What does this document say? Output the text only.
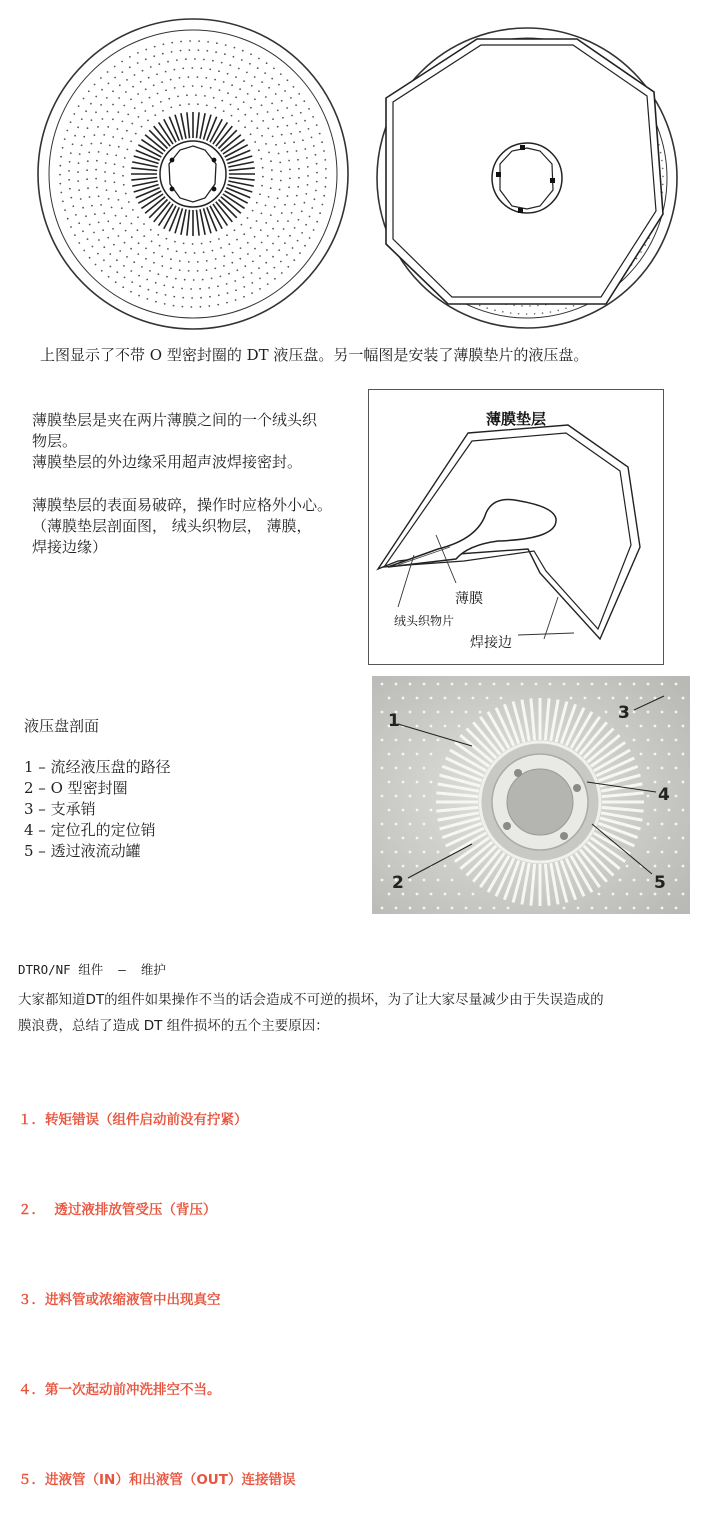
上图显示了不带 O 型密封圈的 DT 液压盘。另一幅图是安装了薄膜垫片的液压盘。
薄膜垫层是夹在两片薄膜之间的一个绒头织
物层。
薄膜垫层的外边缘采用超声波焊接密封。
薄膜垫层的表面易破碎，操作时应格外小心。
（薄膜垫层剖面图， 绒头织物层， 薄膜，
焊接边缘）
薄膜垫层
薄膜
绒头织物片
焊接边
液压盘剖面
1 – 流经液压盘的路径
2 – O 型密封圈
3 – 支承销
4 – 定位孔的定位销
5 – 透过液流动罐
1
2
3
4
5
DTRO/NF 组件  –  维护
大家都知道DT的组件如果操作不当的话会造成不可逆的损坏，为了让大家尽量减少由于失误造成的
膜浪费，总结了造成 DT 组件损坏的五个主要原因：

１．转矩错误（组件启动前没有拧紧）

２．  透过液排放管受压（背压）

３．进料管或浓缩液管中出现真空

４．第一次起动前冲洗排空不当。

５．进液管（IN）和出液管（OUT）连接错误
